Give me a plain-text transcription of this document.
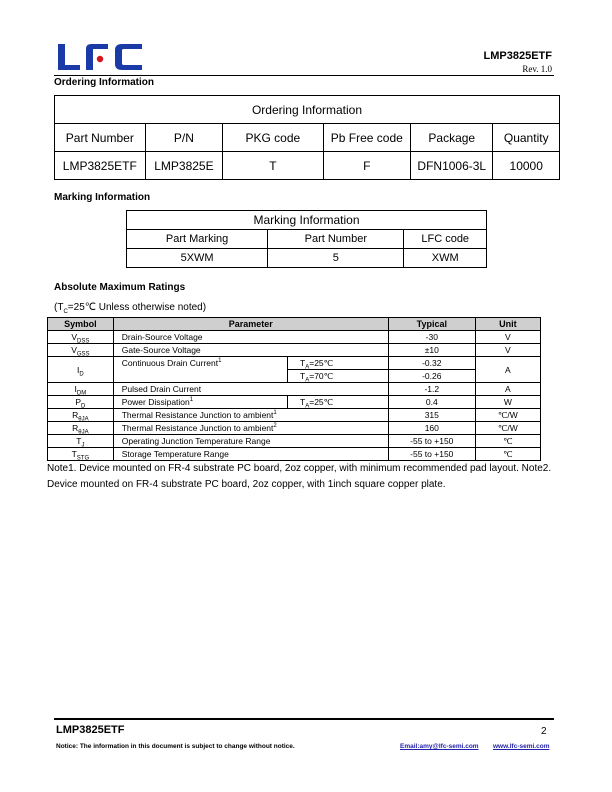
LMP3825ETF
Rev. 1.0
Ordering Information
Ordering Information					
Part Number	P/N	PKG code	Pb Free code	Package	Quantity
LMP3825ETF	LMP3825E	T	F	DFN1006-3L	10000
Marking Information
Marking Information		
Part Marking	Part Number	LFC code
5XWM	5	XWM
Absolute Maximum Ratings
($T_C=25℃$ Unless otherwise noted)
Symbol	Parameter		Typical	Unit
$V_{DSS}$	Drain-Source Voltage		-30	V
$V_{GSS}$	Gate-Source Voltage		±10	V
$I_D$	Continuous Drain Current$^1$	$T_A=25℃$	-0.32	A
		$T_A=70℃$	-0.26	
$I_{DM}$	Pulsed Drain Current		-1.2	A
$P_D$	Power Dissipation$^1$	$T_A=25℃$	0.4	W
$R_{\theta JA}$	Thermal Resistance Junction to ambient$^1$		315	℃/W
$R_{\theta JA}$	Thermal Resistance Junction to ambient$^2$		160	℃/W
$T_J$	Operating Junction Temperature Range		-55 to +150	℃
$T_{STG}$	Storage Temperature Range		-55 to +150	℃
Note1. Device mounted on FR-4 substrate PC board, 2oz copper, with minimum recommended pad layout. Note2. Device mounted on FR-4 substrate PC board, 2oz copper, with 1inch square copper plate.
LMP3825ETF	2
Notice: The information in this document is subject to change without notice.	Email:amy@lfc-semi.com www.lfc-semi.com
